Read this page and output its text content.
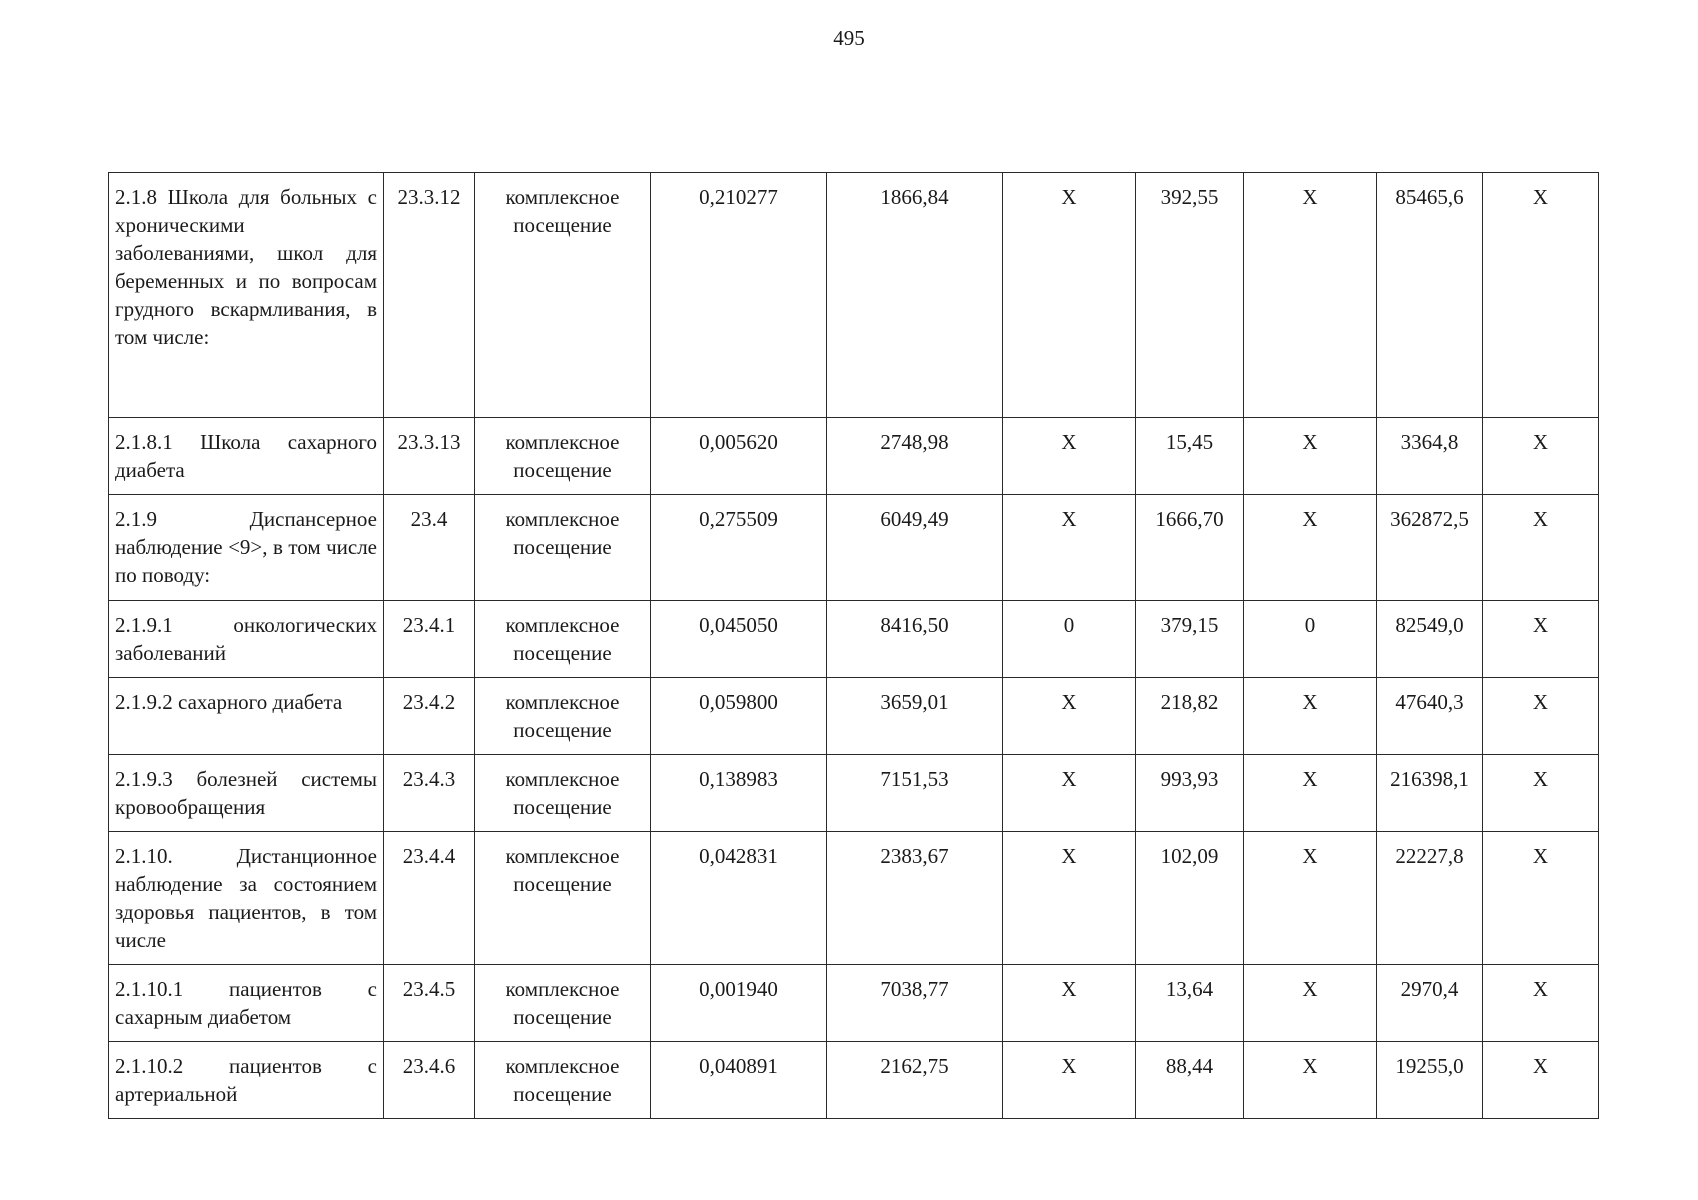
495
2.1.8 Школа для больных с хроническими заболеваниями, школ для беременных и по вопросам грудного вскармливания, в том числе:	23.3.12	комплексное посещение	0,210277	1866,84	X	392,55	X	85465,6	X
2.1.8.1 Школа сахарного диабета	23.3.13	комплексное посещение	0,005620	2748,98	X	15,45	X	3364,8	X
2.1.9 Диспансерное наблюдение <9>, в том числе по поводу:	23.4	комплексное посещение	0,275509	6049,49	X	1666,70	X	362872,5	X
2.1.9.1 онкологических заболеваний	23.4.1	комплексное посещение	0,045050	8416,50	0	379,15	0	82549,0	X
2.1.9.2 сахарного диабета	23.4.2	комплексное посещение	0,059800	3659,01	X	218,82	X	47640,3	X
2.1.9.3 болезней системы кровообращения	23.4.3	комплексное посещение	0,138983	7151,53	X	993,93	X	216398,1	X
2.1.10. Дистанционное наблюдение за состоянием здоровья пациентов, в том числе	23.4.4	комплексное посещение	0,042831	2383,67	X	102,09	X	22227,8	X
2.1.10.1 пациентов с сахарным диабетом	23.4.5	комплексное посещение	0,001940	7038,77	X	13,64	X	2970,4	X
2.1.10.2 пациентов с артериальной	23.4.6	комплексное посещение	0,040891	2162,75	X	88,44	X	19255,0	X
